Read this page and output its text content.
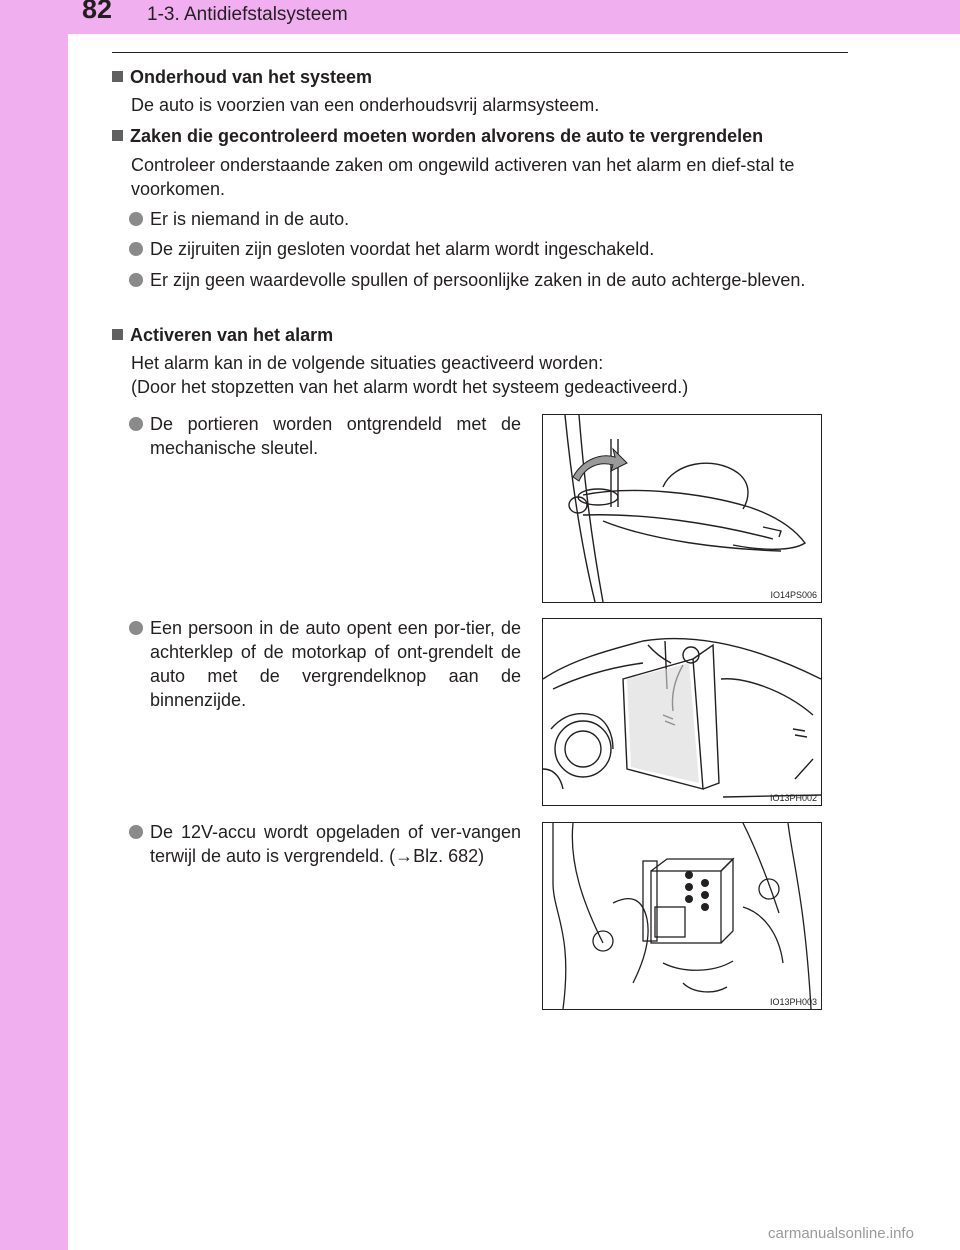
82 1-3. Antidiefstalsysteem
Onderhoud van het systeem
De auto is voorzien van een onderhoudsvrij alarmsysteem.
Zaken die gecontroleerd moeten worden alvorens de auto te vergrendelen
Controleer onderstaande zaken om ongewild activeren van het alarm en dief-stal te voorkomen.
Er is niemand in de auto.
De zijruiten zijn gesloten voordat het alarm wordt ingeschakeld.
Er zijn geen waardevolle spullen of persoonlijke zaken in de auto achterge-bleven.
Activeren van het alarm
Het alarm kan in de volgende situaties geactiveerd worden:
(Door het stopzetten van het alarm wordt het systeem gedeactiveerd.)
De portieren worden ontgrendeld met de mechanische sleutel.
IO14PS006
Een persoon in de auto opent een por-tier, de achterklep of de motorkap of ont-grendelt de auto met de vergrendelknop aan de binnenzijde.
IO13PH002
De 12V-accu wordt opgeladen of ver-vangen terwijl de auto is vergrendeld. (→Blz. 682)
IO13PH003
carmanualsonline.info
